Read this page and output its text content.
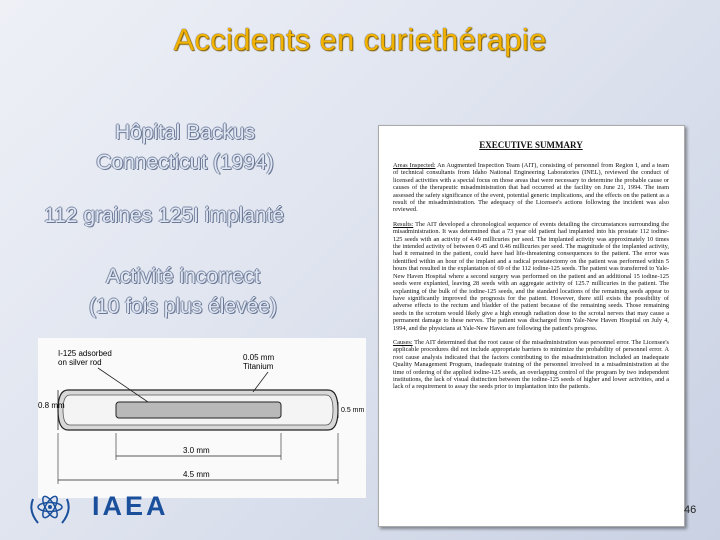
Accidents en curiethérapie
Hôpital Backus
Connecticut (1994)
112 graines 125I implanté
Activité incorrect
(10 fois plus élevée)
I-125 adsorbed
on silver rod
0.05 mm
Titanium
0.8 mm
0.5 mm
3.0 mm
4.5 mm
IAEA
EXECUTIVE SUMMARY
Areas Inspected: An Augmented Inspection Team (AIT), consisting of personnel from Region I, and a team of technical consultants from Idaho National Engineering Laboratories (INEL), reviewed the conduct of licensed activities with a special focus on those areas that were necessary to determine the probable cause or causes of the therapeutic misadministration that had occurred at the facility on June 21, 1994. The team assessed the safety significance of the event, potential generic implications, and the effects on the patient as a result of the misadministration. The adequacy of the Licensee's actions following the incident was also reviewed.
Results: The AIT developed a chronological sequence of events detailing the circumstances surrounding the misadministration. It was determined that a 73 year old patient had implanted into his prostate 112 iodine-125 seeds with an activity of 4.49 millicuries per seed. The implanted activity was approximately 10 times the intended activity of between 0.45 and 0.46 millicuries per seed. The magnitude of the implanted activity, had it remained in the patient, could have had life-threatening consequences to the patient. The error was identified within an hour of the implant and a radical prostatectomy on the patient was performed within 5 hours that resulted in the explantation of 69 of the 112 iodine-125 seeds. The patient was transferred to Yale-New Haven Hospital where a second surgery was performed on the patient and an additional 15 iodine-125 seeds were explanted, leaving 28 seeds with an aggregate activity of 125.7 millicuries in the patient. The explanting of the bulk of the iodine-125 seeds, and the standard locations of the remaining seeds appear to have significantly improved the prognosis for the patient. However, there still exists the possibility of adverse effects to the rectum and bladder of the patient because of the remaining seeds. Those remaining seeds in the scrotum would likely give a high enough radiation dose to the scrotal nerves that may cause a permanent damage to these nerves. The patient was discharged from Yale-New Haven Hospital on July 4, 1994, and the physicians at Yale-New Haven are following the patient's progress.
Causes: The AIT determined that the root cause of the misadministration was personnel error. The Licensee's applicable procedures did not include appropriate barriers to minimize the probability of personnel error. A root cause analysis indicated that the factors contributing to the misadministration included an inadequate Quality Management Program, inadequate training of the personnel involved in a misadministration at the time of ordering of the applied iodine-125 seeds, an overlapping control of the program by two independent institutions, the lack of visual distinction between the iodine-125 seeds of higher and lower activities, and a lack of a requirement to assay the seeds prior to implantation into the patients.
46
